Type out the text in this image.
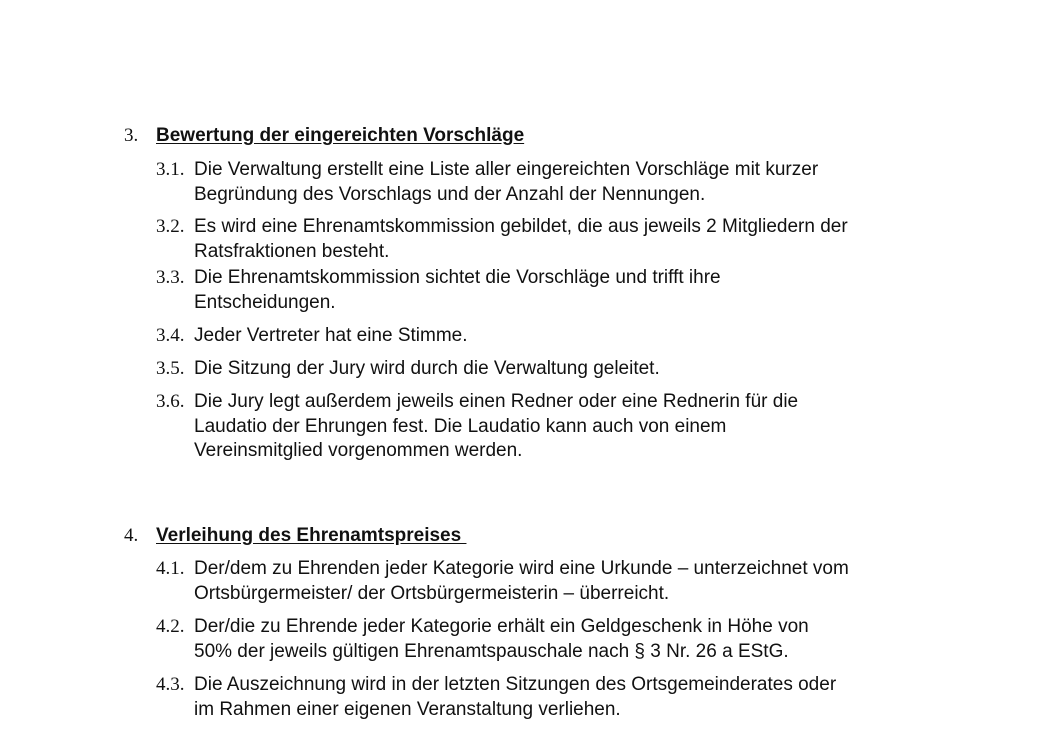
3. Bewertung der eingereichten Vorschläge
3.1. Die Verwaltung erstellt eine Liste aller eingereichten Vorschläge mit kurzer
Begründung des Vorschlags und der Anzahl der Nennungen.
3.2. Es wird eine Ehrenamtskommission gebildet, die aus jeweils 2 Mitgliedern der
Ratsfraktionen besteht.
3.3. Die Ehrenamtskommission sichtet die Vorschläge und trifft ihre
Entscheidungen.
3.4. Jeder Vertreter hat eine Stimme.
3.5. Die Sitzung der Jury wird durch die Verwaltung geleitet.
3.6. Die Jury legt außerdem jeweils einen Redner oder eine Rednerin für die
Laudatio der Ehrungen fest. Die Laudatio kann auch von einem
Vereinsmitglied vorgenommen werden.
4. Verleihung des Ehrenamtspreises
4.1. Der/dem zu Ehrenden jeder Kategorie wird eine Urkunde – unterzeichnet vom
Ortsbürgermeister/ der Ortsbürgermeisterin – überreicht.
4.2. Der/die zu Ehrende jeder Kategorie erhält ein Geldgeschenk in Höhe von
50% der jeweils gültigen Ehrenamtspauschale nach § 3 Nr. 26 a EStG.
4.3. Die Auszeichnung wird in der letzten Sitzungen des Ortsgemeinderates oder
im Rahmen einer eigenen Veranstaltung verliehen.
